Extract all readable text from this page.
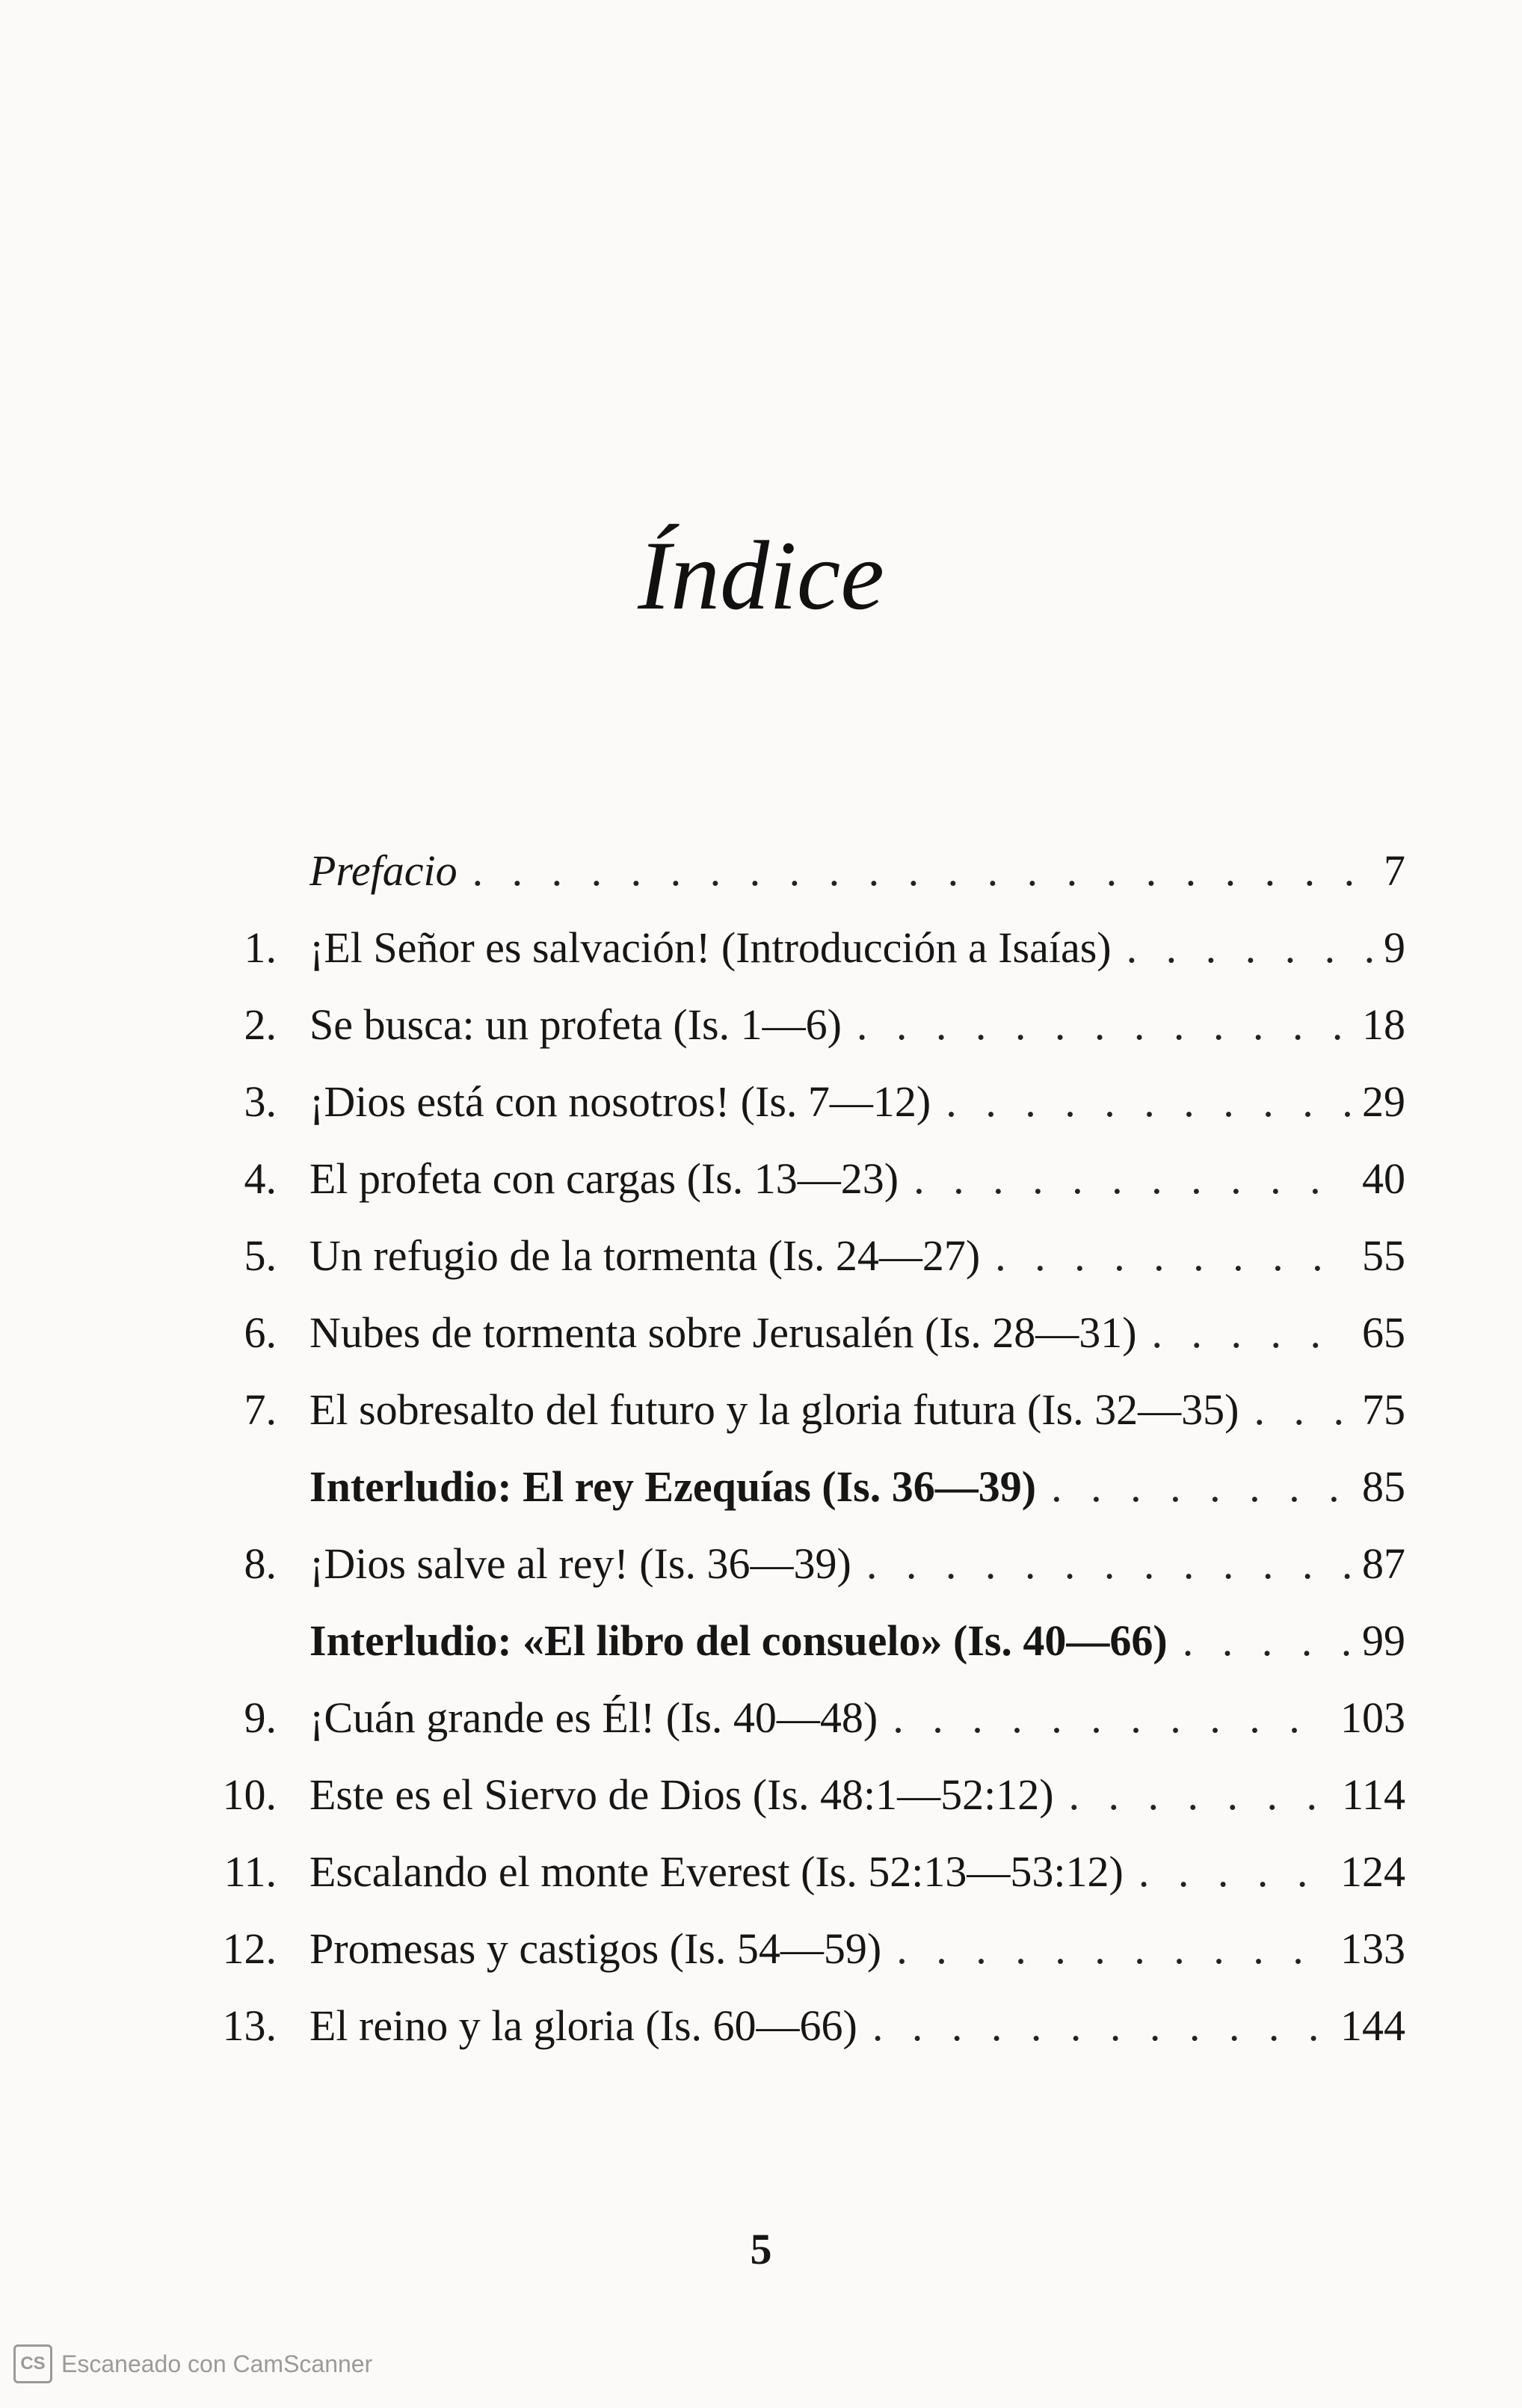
Índice
Prefacio . . .	7
1. ¡El Señor es salvación! (Introducción a Isaías) . . .	9
2. Se busca: un profeta (Is. 1—6) . . .	18
3. ¡Dios está con nosotros! (Is. 7—12) . . .	29
4. El profeta con cargas (Is. 13—23) . . .	40
5. Un refugio de la tormenta (Is. 24—27) . . .	55
6. Nubes de tormenta sobre Jerusalén (Is. 28—31) . . .	65
7. El sobresalto del futuro y la gloria futura (Is. 32—35) . . .	75
Interludio: El rey Ezequías (Is. 36—39) . . .	85
8. ¡Dios salve al rey! (Is. 36—39) . . .	87
Interludio: «El libro del consuelo» (Is. 40—66) . . .	99
9. ¡Cuán grande es Él! (Is. 40—48) . . .	103
10. Este es el Siervo de Dios (Is. 48:1—52:12) . . .	114
11. Escalando el monte Everest (Is. 52:13—53:12) . . .	124
12. Promesas y castigos (Is. 54—59) . . .	133
13. El reino y la gloria (Is. 60—66) . . .	144
5
CS Escaneado con CamScanner
